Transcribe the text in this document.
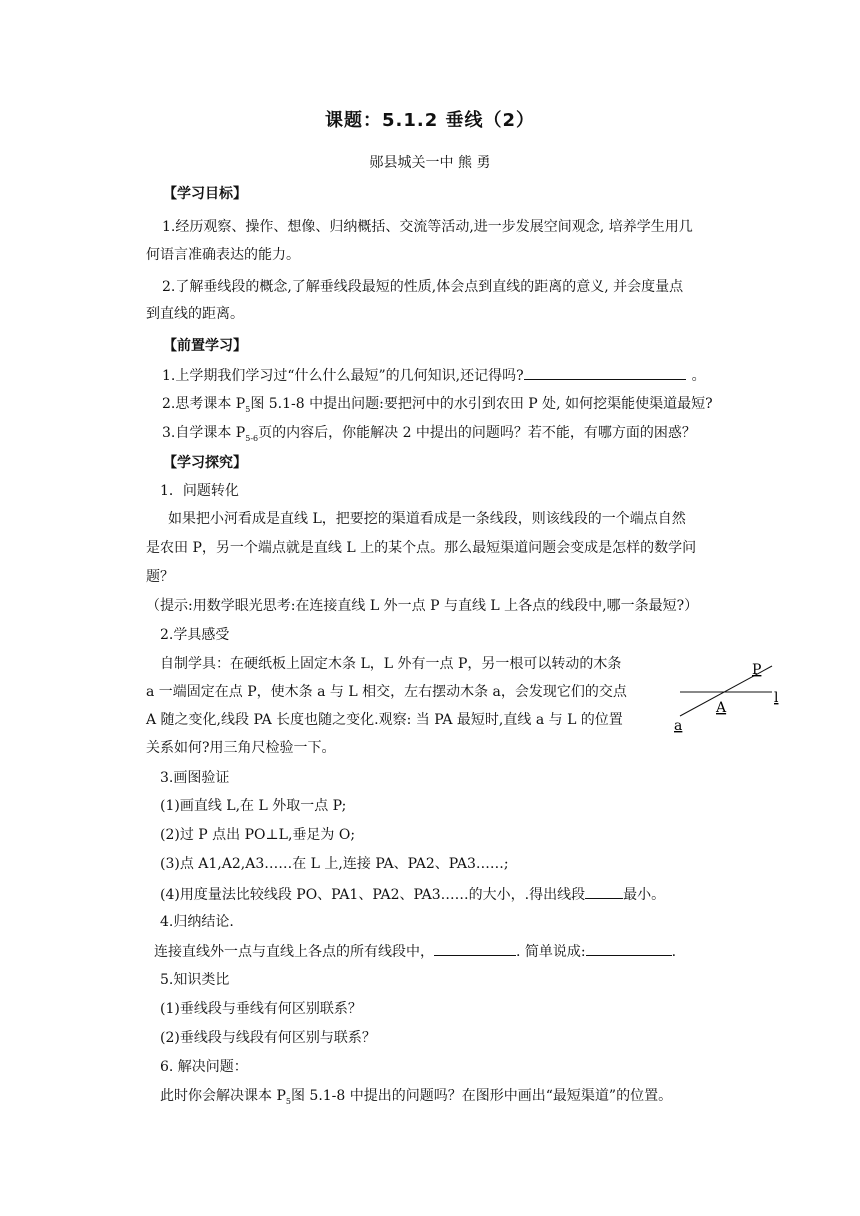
课题：5.1.2 垂线（2）
郧县城关一中 熊 勇
【学习目标】
1.经历观察、操作、想像、归纳概括、交流等活动,进一步发展空间观念, 培养学生用几
何语言准确表达的能力。
2.了解垂线段的概念,了解垂线段最短的性质,体会点到直线的距离的意义, 并会度量点
到直线的距离。
【前置学习】
1.上学期我们学习过“什么什么最短”的几何知识,还记得吗?	。
2.思考课本 $P_5$图 5.1-8 中提出问题:要把河中的水引到农田 P 处, 如何挖渠能使渠道最短?
3.自学课本 $P_{5-6}$页的内容后，你能解决 2 中提出的问题吗？若不能，有哪方面的困惑？
【学习探究】
1．问题转化
如果把小河看成是直线 L，把要挖的渠道看成是一条线段，则该线段的一个端点自然
是农田 P，另一个端点就是直线 L 上的某个点。那么最短渠道问题会变成是怎样的数学问
题？
（提示:用数学眼光思考:在连接直线 L 外一点 P 与直线 L 上各点的线段中,哪一条最短?）
2.学具感受
自制学具：在硬纸板上固定木条 L，L 外有一点 P，另一根可以转动的木条
a 一端固定在点 P，使木条 a 与 L 相交，左右摆动木条 a，会发现它们的交点
A 随之变化,线段 PA 长度也随之变化.观察: 当 PA 最短时,直线 a 与 L 的位置
关系如何?用三角尺检验一下。
P
l
A
a
3.画图验证
(1)画直线 L,在 L 外取一点 P;
(2)过 P 点出 PO⊥L,垂足为 O;
(3)点 A1,A2,A3……在 L 上,连接 PA、PA2、PA3……;
(4)用度量法比较线段 PO、PA1、PA2、PA3……的大小，.得出线段	最小。
4.归纳结论.
连接直线外一点与直线上各点的所有线段中，	. 简单说成:	.
5.知识类比
(1)垂线段与垂线有何区别联系？
(2)垂线段与线段有何区别与联系？
6. 解决问题：
此时你会解决课本 $P_5$图 5.1-8 中提出的问题吗？在图形中画出“最短渠道”的位置。
